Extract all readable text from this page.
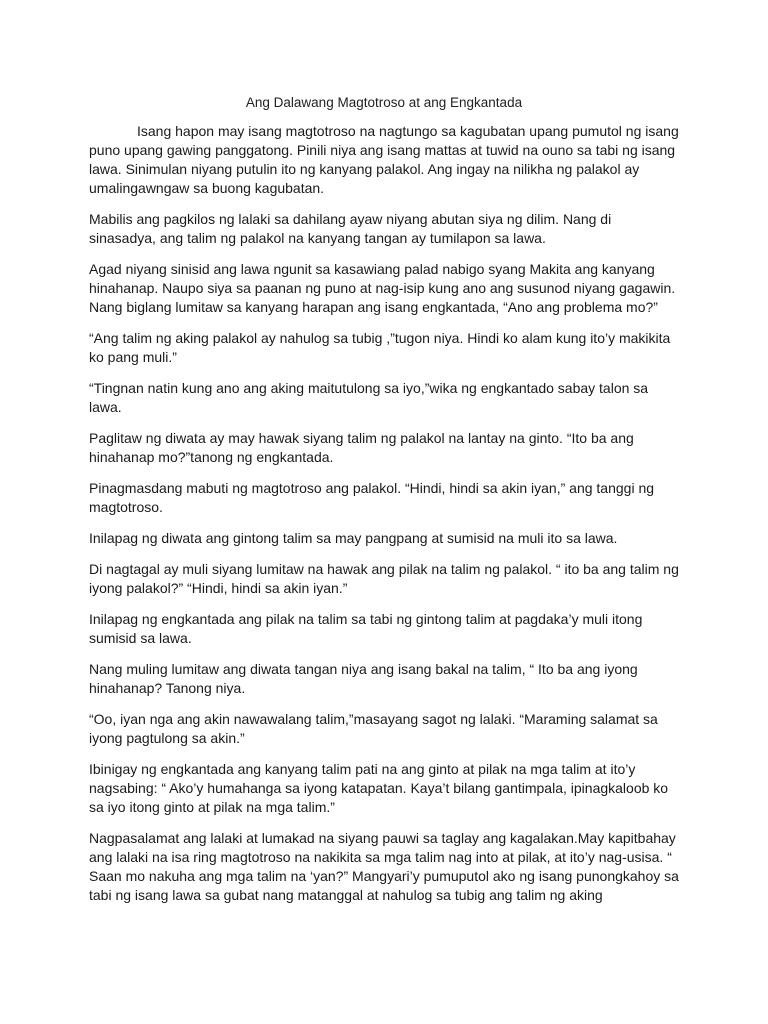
Ang Dalawang Magtotroso at ang Engkantada

Isang hapon may isang magtotroso na nagtungo sa kagubatan upang pumutol ng isang puno upang gawing panggatong. Pinili niya ang isang mattas at tuwid na ouno sa tabi ng isang lawa. Sinimulan niyang putulin ito ng kanyang palakol. Ang ingay na nilikha ng palakol ay umalingawngaw sa buong kagubatan.

Mabilis ang pagkilos ng lalaki sa dahilang ayaw niyang abutan siya ng dilim. Nang di sinasadya, ang talim ng palakol na kanyang tangan ay tumilapon sa lawa.

Agad niyang sinisid ang lawa ngunit sa kasawiang palad nabigo syang Makita ang kanyang hinahanap. Naupo siya sa paanan ng puno at nag-isip kung ano ang susunod niyang gagawin. Nang biglang lumitaw sa kanyang harapan ang isang engkantada, “Ano ang problema mo?”

“Ang talim ng aking palakol ay nahulog sa tubig ,”tugon niya. Hindi ko alam kung ito’y makikita ko pang muli.”

“Tingnan natin kung ano ang aking maitutulong sa iyo,”wika ng engkantado sabay talon sa lawa.

Paglitaw ng diwata ay may hawak siyang talim ng palakol na lantay na ginto. “Ito ba ang hinahanap mo?”tanong ng engkantada.

Pinagmasdang mabuti ng magtotroso ang palakol. “Hindi, hindi sa akin iyan,” ang tanggi ng magtotroso.

Inilapag ng diwata ang gintong talim sa may pangpang at sumisid na muli ito sa lawa.

Di nagtagal ay muli siyang lumitaw na hawak ang pilak na talim ng palakol. “ ito ba ang talim ng iyong palakol?” “Hindi, hindi sa akin iyan.”

Inilapag ng engkantada ang pilak na talim sa tabi ng gintong talim at pagdaka’y muli itong sumisid sa lawa.

Nang muling lumitaw ang diwata tangan niya ang isang bakal na talim, “ Ito ba ang iyong hinahanap? Tanong niya.

“Oo, iyan nga ang akin nawawalang talim,”masayang sagot ng lalaki. “Maraming salamat sa iyong pagtulong sa akin.”

Ibinigay ng engkantada ang kanyang talim pati na ang ginto at pilak na mga talim at ito’y nagsabing: “ Ako’y humahanga sa iyong katapatan. Kaya’t bilang gantimpala, ipinagkaloob ko sa iyo itong ginto at pilak na mga talim.”

Nagpasalamat ang lalaki at lumakad na siyang pauwi sa taglay ang kagalakan.May kapitbahay ang lalaki na isa ring magtotroso na nakikita sa mga talim nag into at pilak, at ito’y nag-usisa. “ Saan mo nakuha ang mga talim na ‘yan?” Mangyari’y pumuputol ako ng isang punongkahoy sa tabi ng isang lawa sa gubat nang matanggal at nahulog sa tubig ang talim ng aking
